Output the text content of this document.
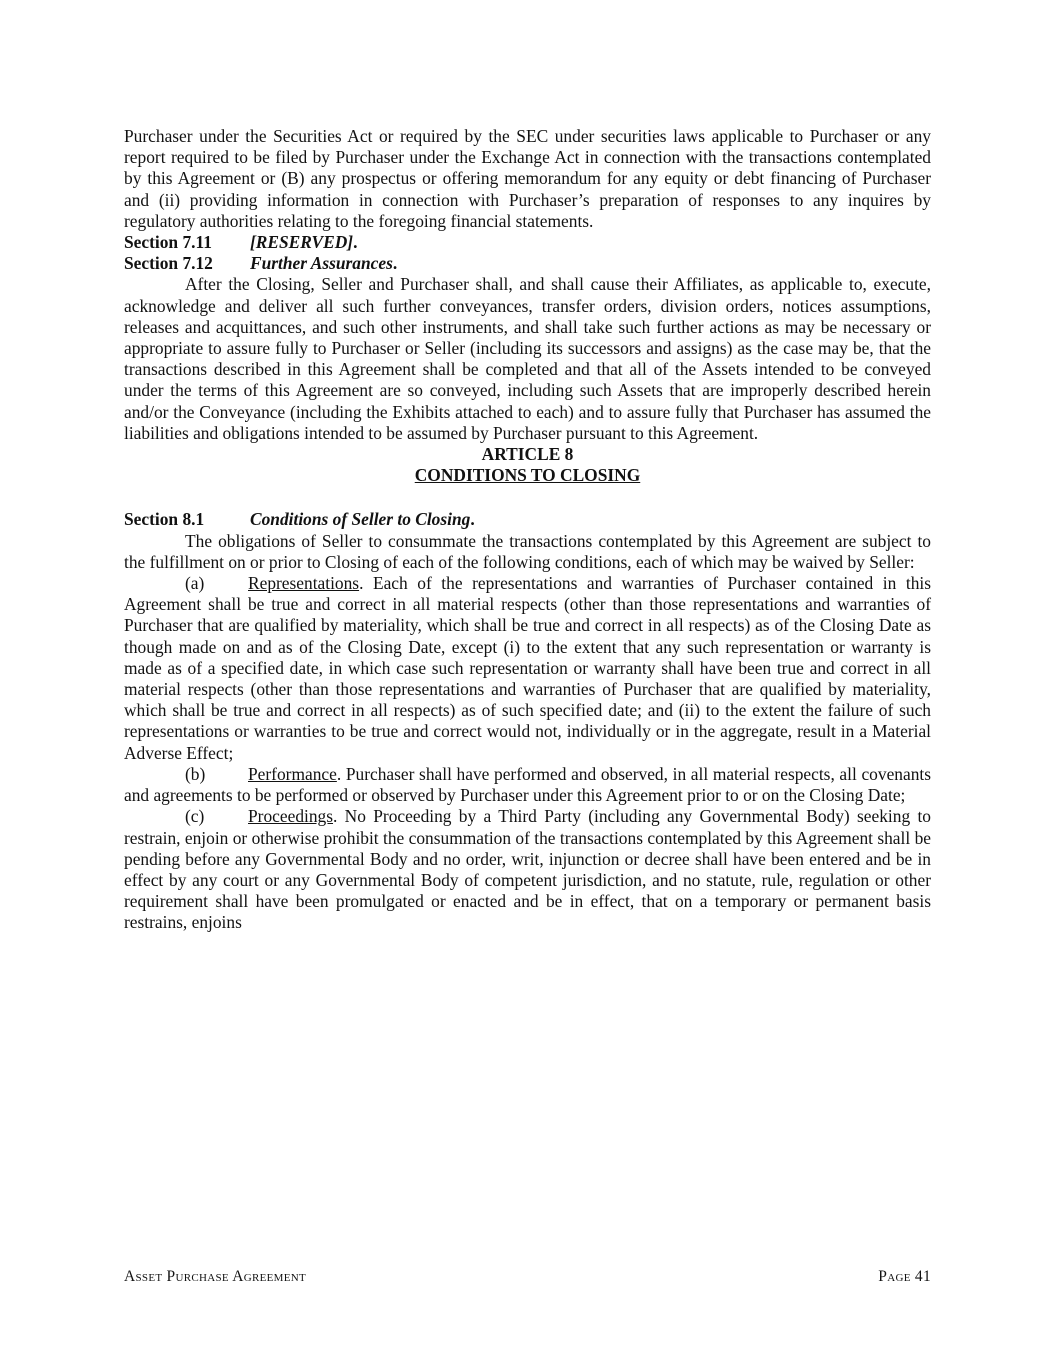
Purchaser under the Securities Act or required by the SEC under securities laws applicable to Purchaser or any report required to be filed by Purchaser under the Exchange Act in connection with the transactions contemplated by this Agreement or (B) any prospectus or offering memorandum for any equity or debt financing of Purchaser and (ii) providing information in connection with Purchaser’s preparation of responses to any inquires by regulatory authorities relating to the foregoing financial statements.

Section 7.11 [RESERVED].

Section 7.12 Further Assurances.

After the Closing, Seller and Purchaser shall, and shall cause their Affiliates, as applicable to, execute, acknowledge and deliver all such further conveyances, transfer orders, division orders, notices assumptions, releases and acquittances, and such other instruments, and shall take such further actions as may be necessary or appropriate to assure fully to Purchaser or Seller (including its successors and assigns) as the case may be, that the transactions described in this Agreement shall be completed and that all of the Assets intended to be conveyed under the terms of this Agreement are so conveyed, including such Assets that are improperly described herein and/or the Conveyance (including the Exhibits attached to each) and to assure fully that Purchaser has assumed the liabilities and obligations intended to be assumed by Purchaser pursuant to this Agreement.

ARTICLE 8
CONDITIONS TO CLOSING

Section 8.1	Conditions of Seller to Closing.

The obligations of Seller to consummate the transactions contemplated by this Agreement are subject to the fulfillment on or prior to Closing of each of the following conditions, each of which may be waived by Seller:

(a)	Representations. Each of the representations and warranties of Purchaser contained in this Agreement shall be true and correct in all material respects (other than those representations and warranties of Purchaser that are qualified by materiality, which shall be true and correct in all respects) as of the Closing Date as though made on and as of the Closing Date, except (i) to the extent that any such representation or warranty is made as of a specified date, in which case such representation or warranty shall have been true and correct in all material respects (other than those representations and warranties of Purchaser that are qualified by materiality, which shall be true and correct in all respects) as of such specified date; and (ii) to the extent the failure of such representations or warranties to be true and correct would not, individually or in the aggregate, result in a Material Adverse Effect;

(b) Performance. Purchaser shall have performed and observed, in all material respects, all covenants and agreements to be performed or observed by Purchaser under this Agreement prior to or on the Closing Date;

(c)	Proceedings. No Proceeding by a Third Party (including any Governmental Body) seeking to restrain, enjoin or otherwise prohibit the consummation of the transactions contemplated by this Agreement shall be pending before any Governmental Body and no order, writ, injunction or decree shall have been entered and be in effect by any court or any Governmental Body of competent jurisdiction, and no statute, rule, regulation or other requirement shall have been promulgated or enacted and be in effect, that on a temporary or permanent basis restrains, enjoins

Asset Purchase Agreement	Page 41
